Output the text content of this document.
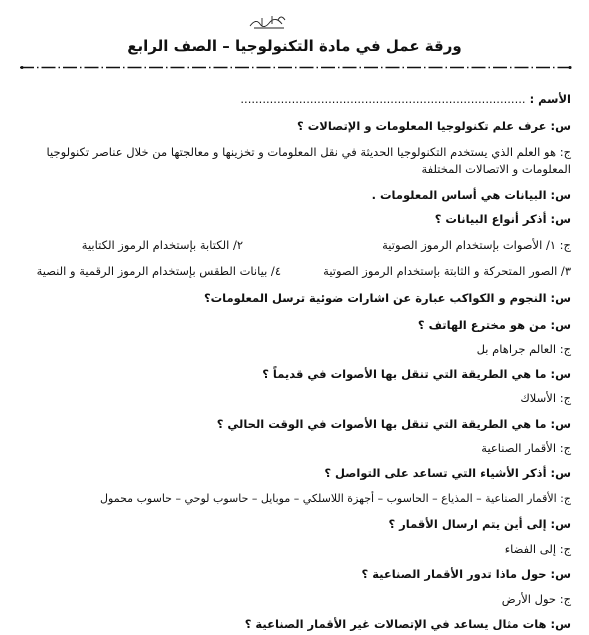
ورقة عمل في مادة التكنولوجيا – الصف الرابع
الأسم : ..............................................................................
س: عرف علم تكنولوجيا المعلومات و الإتصالات ؟
ج: هو العلم الذي يستخدم التكنولوجيا الحديثة في نقل المعلومات و تخزينها و معالجتها من خلال عناصر تكنولوجيا
المعلومات و الاتصالات المختلفة
س: البيانات هي أساس المعلومات .
س: أذكر أنواع البيانات ؟
ج: ١/ الأصوات بإستخدام الرموز الصوتية
٢/ الكتابة بإستخدام الرموز الكتابية
٣/ الصور المتحركة و الثابتة بإستخدام الرموز الصوتية
٤/ بيانات الطقس بإستخدام الرموز الرقمية و النصية
س: النجوم و الكواكب عبارة عن اشارات ضوئية ترسل المعلومات؟
س: من هو مخترع الهاتف ؟
ج: العالم جراهام بل
س: ما هي الطريقة التي تنقل بها الأصوات في قديماً ؟
ج: الأسلاك
س: ما هي الطريقة التي تنقل بها الأصوات في الوقت الحالي ؟
ج: الأقمار الصناعية
س: أذكر الأشياء التي تساعد على التواصل ؟
ج: الأقمار الصناعية – المذياع – الحاسوب – أجهزة اللاسلكي – موبايل – حاسوب لوحي – حاسوب محمول
س: إلى أين يتم ارسال الأقمار ؟
ج: إلى الفضاء
س: حول ماذا تدور الأقمار الصناعية ؟
ج: حول الأرض
س: هات مثال يساعد في الإتصالات غير الأقمار الصناعية ؟
